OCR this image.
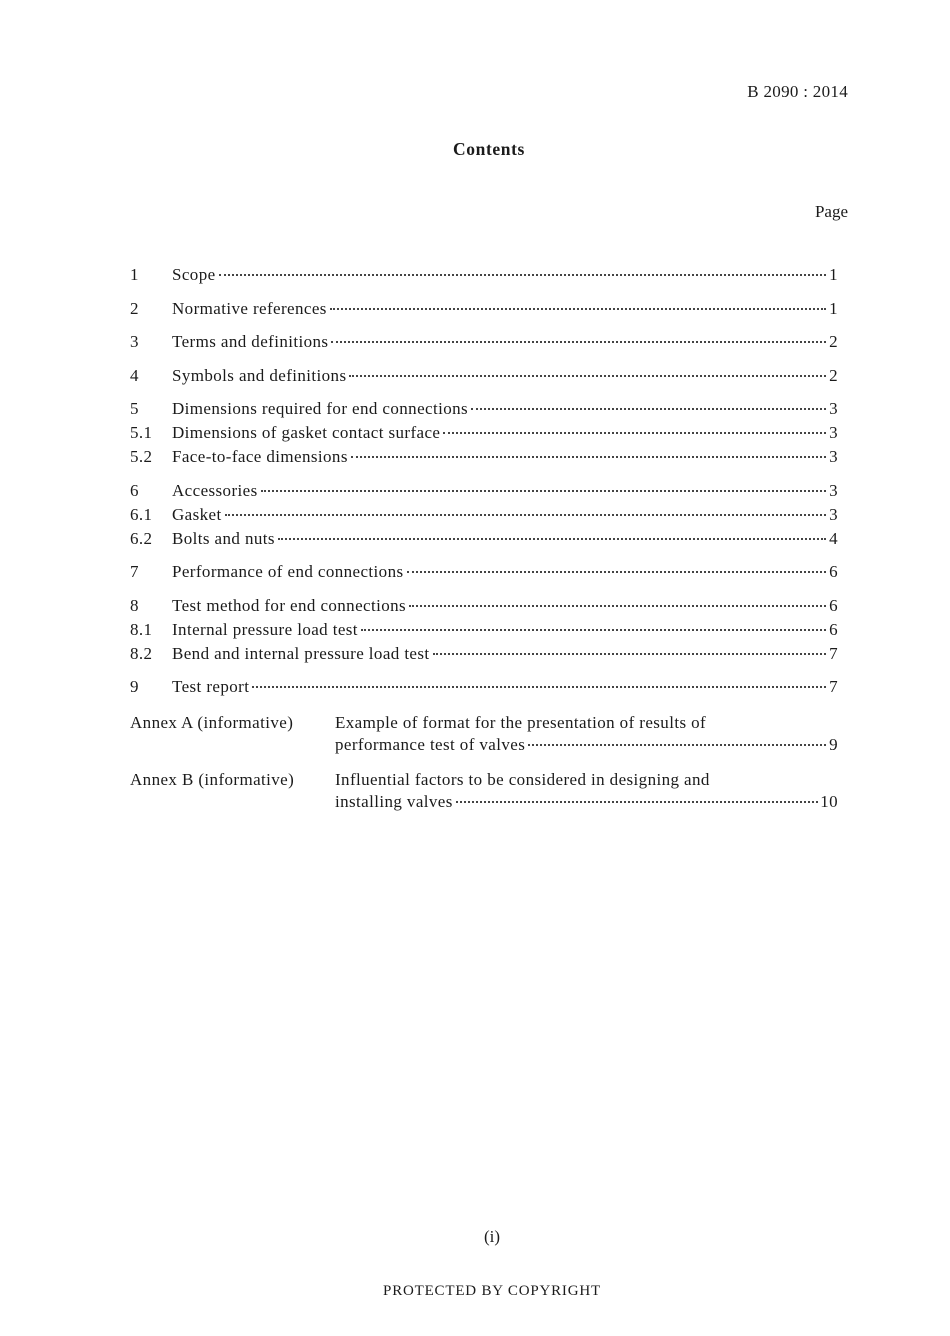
B 2090 : 2014
Contents
Page
1	Scope	1
2	Normative references	1
3	Terms and definitions	2
4	Symbols and definitions	2
5	Dimensions required for end connections	3
5.1	Dimensions of gasket contact surface	3
5.2	Face-to-face dimensions	3
6	Accessories	3
6.1	Gasket	3
6.2	Bolts and nuts	4
7	Performance of end connections	6
8	Test method for end connections	6
8.1	Internal pressure load test	6
8.2	Bend and internal pressure load test	7
9	Test report	7
Annex A (informative)	Example of format for the presentation of results of
performance test of valves	9
Annex B (informative)	Influential factors to be considered in designing and
installing valves	10
(i)
PROTECTED BY COPYRIGHT
